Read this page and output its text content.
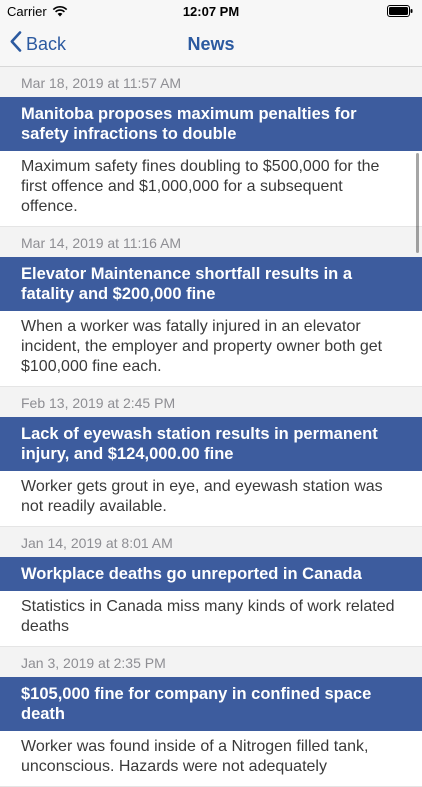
Carrier	12:07 PM
Back	News
Mar 18, 2019 at 11:57 AM
Manitoba proposes maximum penalties for safety infractions to double
Maximum safety fines doubling to $500,000 for the first offence and $1,000,000 for a subsequent offence.
Mar 14, 2019 at 11:16 AM
Elevator Maintenance shortfall results in a fatality and $200,000 fine
When a worker was fatally injured in an elevator incident, the employer and property owner both get $100,000 fine each.
Feb 13, 2019 at 2:45 PM
Lack of eyewash station results in permanent injury, and $124,000.00 fine
Worker gets grout in eye, and eyewash station was not readily available.
Jan 14, 2019 at 8:01 AM
Workplace deaths go unreported in Canada
Statistics in Canada miss many kinds of work related deaths
Jan 3, 2019 at 2:35 PM
$105,000 fine for company in confined space death
Worker was found inside of a Nitrogen filled tank, unconscious. Hazards were not adequately
